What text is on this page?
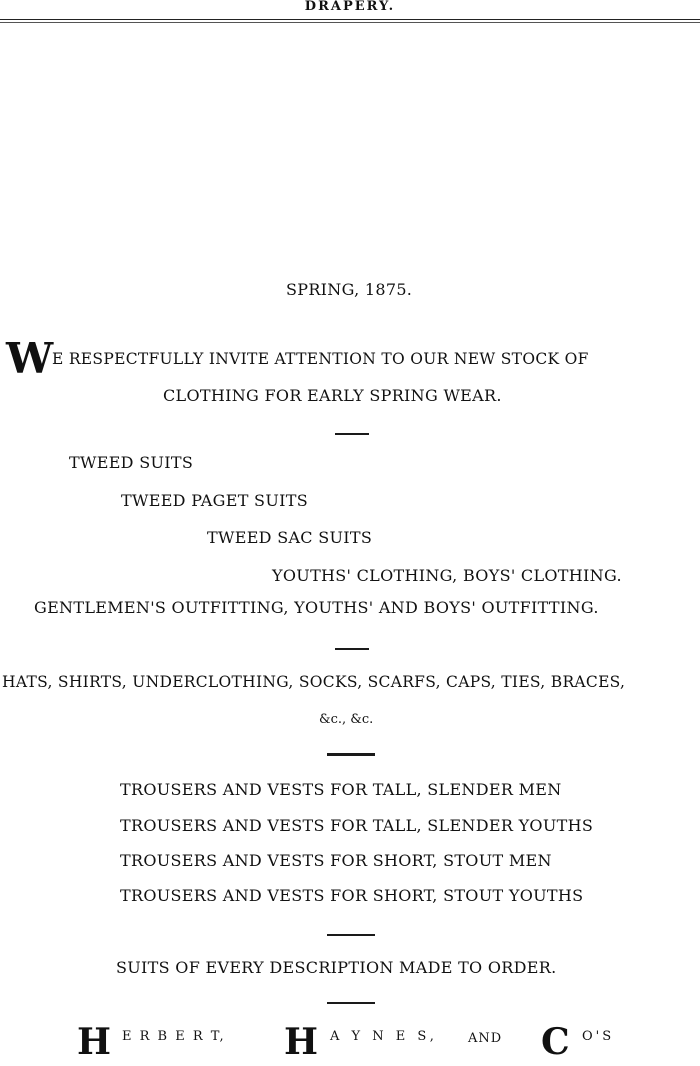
DRAPERY.
SPRING, 1875.
W
E RESPECTFULLY INVITE ATTENTION TO OUR NEW STOCK OF
CLOTHING FOR EARLY SPRING WEAR.
TWEED SUITS
TWEED PAGET SUITS
TWEED SAC SUITS
YOUTHS' CLOTHING, BOYS' CLOTHING.
GENTLEMEN'S OUTFITTING, YOUTHS' AND BOYS' OUTFITTING.
HATS, SHIRTS, UNDERCLOTHING, SOCKS, SCARFS, CAPS, TIES, BRACES,
&c., &c.
TROUSERS AND VESTS FOR TALL, SLENDER MEN
TROUSERS AND VESTS FOR TALL, SLENDER YOUTHS
TROUSERS AND VESTS FOR SHORT, STOUT MEN
TROUSERS AND VESTS FOR SHORT, STOUT YOUTHS
SUITS OF EVERY DESCRIPTION MADE TO ORDER.
H E R B E R T, H A Y N E S, AND C O'S
